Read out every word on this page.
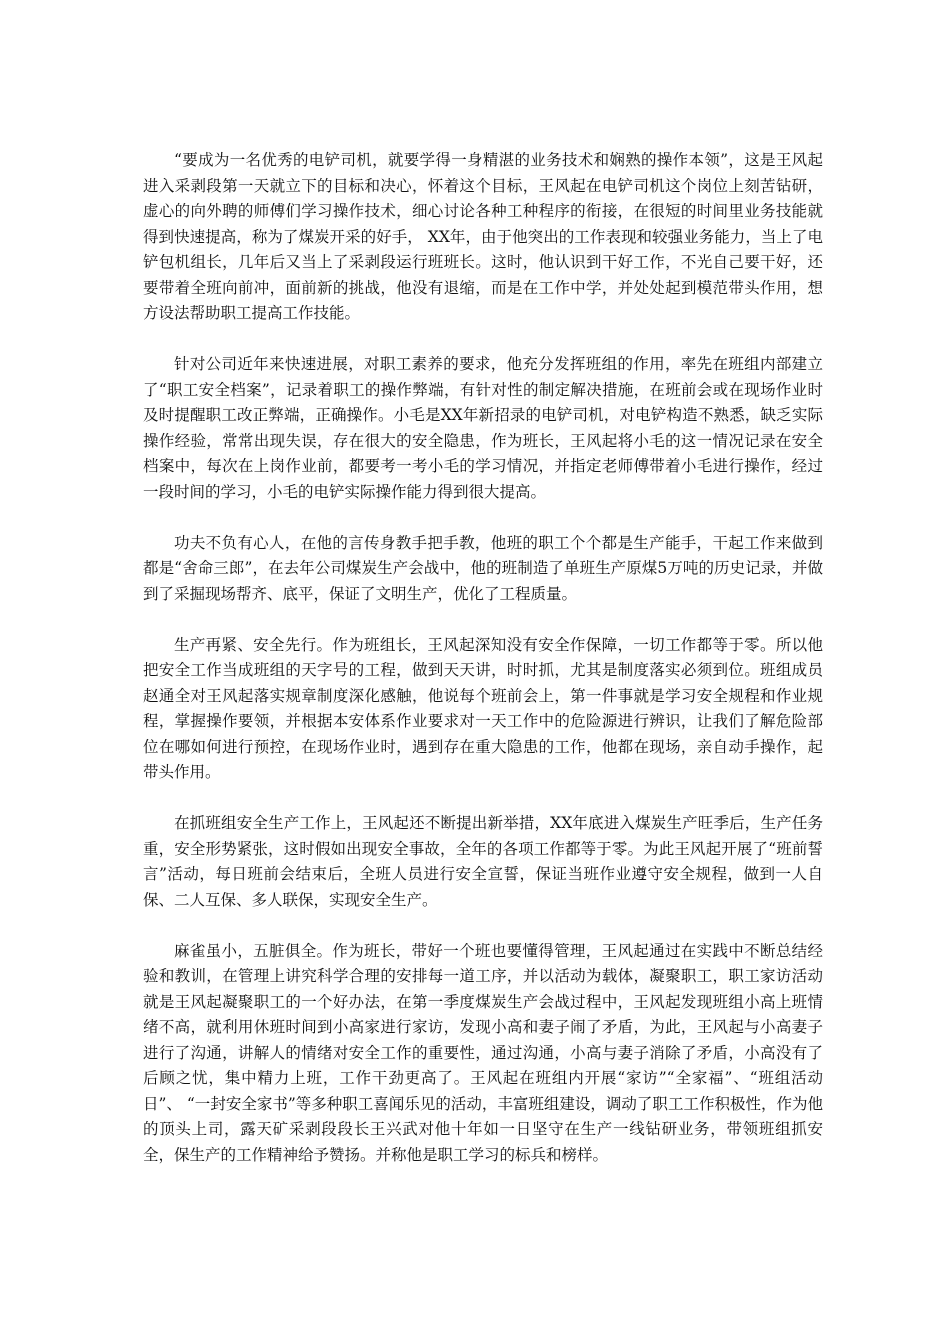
“要成为一名优秀的电铲司机，就要学得一身精湛的业务技术和娴熟的操作本领”，这是王风起进入采剥段第一天就立下的目标和决心，怀着这个目标，王风起在电铲司机这个岗位上刻苦钻研，虚心的向外聘的师傅们学习操作技术，细心讨论各种工种程序的衔接，在很短的时间里业务技能就得到快速提高，称为了煤炭开采的好手， XX年，由于他突出的工作表现和较强业务能力，当上了电铲包机组长，几年后又当上了采剥段运行班班长。这时，他认识到干好工作，不光自己要干好，还要带着全班向前冲，面前新的挑战，他没有退缩，而是在工作中学，并处处起到模范带头作用，想方设法帮助职工提高工作技能。

针对公司近年来快速进展，对职工素养的要求，他充分发挥班组的作用，率先在班组内部建立了“职工安全档案”，记录着职工的操作弊端，有针对性的制定解决措施，在班前会或在现场作业时及时提醒职工改正弊端，正确操作。小毛是XX年新招录的电铲司机，对电铲构造不熟悉，缺乏实际操作经验，常常出现失误，存在很大的安全隐患，作为班长，王风起将小毛的这一情况记录在安全档案中，每次在上岗作业前，都要考一考小毛的学习情况，并指定老师傅带着小毛进行操作，经过一段时间的学习，小毛的电铲实际操作能力得到很大提高。

功夫不负有心人，在他的言传身教手把手教，他班的职工个个都是生产能手，干起工作来做到都是“舍命三郎”，在去年公司煤炭生产会战中，他的班制造了单班生产原煤5万吨的历史记录，并做到了采掘现场帮齐、底平，保证了文明生产，优化了工程质量。

生产再紧、安全先行。作为班组长，王风起深知没有安全作保障，一切工作都等于零。所以他把安全工作当成班组的天字号的工程，做到天天讲，时时抓，尤其是制度落实必须到位。班组成员赵通全对王风起落实规章制度深化感触，他说每个班前会上，第一件事就是学习安全规程和作业规程，掌握操作要领，并根据本安体系作业要求对一天工作中的危险源进行辨识，让我们了解危险部位在哪如何进行预控，在现场作业时，遇到存在重大隐患的工作，他都在现场，亲自动手操作，起带头作用。

在抓班组安全生产工作上，王风起还不断提出新举措，XX年底进入煤炭生产旺季后，生产任务重，安全形势紧张，这时假如出现安全事故，全年的各项工作都等于零。为此王风起开展了“班前誓言”活动，每日班前会结束后，全班人员进行安全宣誓，保证当班作业遵守安全规程，做到一人自保、二人互保、多人联保，实现安全生产。

麻雀虽小，五脏俱全。作为班长，带好一个班也要懂得管理，王风起通过在实践中不断总结经验和教训，在管理上讲究科学合理的安排每一道工序，并以活动为载体，凝聚职工，职工家访活动就是王风起凝聚职工的一个好办法，在第一季度煤炭生产会战过程中，王风起发现班组小高上班情绪不高，就利用休班时间到小高家进行家访，发现小高和妻子闹了矛盾，为此，王风起与小高妻子进行了沟通，讲解人的情绪对安全工作的重要性，通过沟通，小高与妻子消除了矛盾，小高没有了后顾之忧，集中精力上班，工作干劲更高了。王风起在班组内开展“家访”“全家福”、“班组活动日”、 “一封安全家书”等多种职工喜闻乐见的活动，丰富班组建设，调动了职工工作积极性，作为他的顶头上司，露天矿采剥段段长王兴武对他十年如一日坚守在生产一线钻研业务，带领班组抓安全，保生产的工作精神给予赞扬。并称他是职工学习的标兵和榜样。
